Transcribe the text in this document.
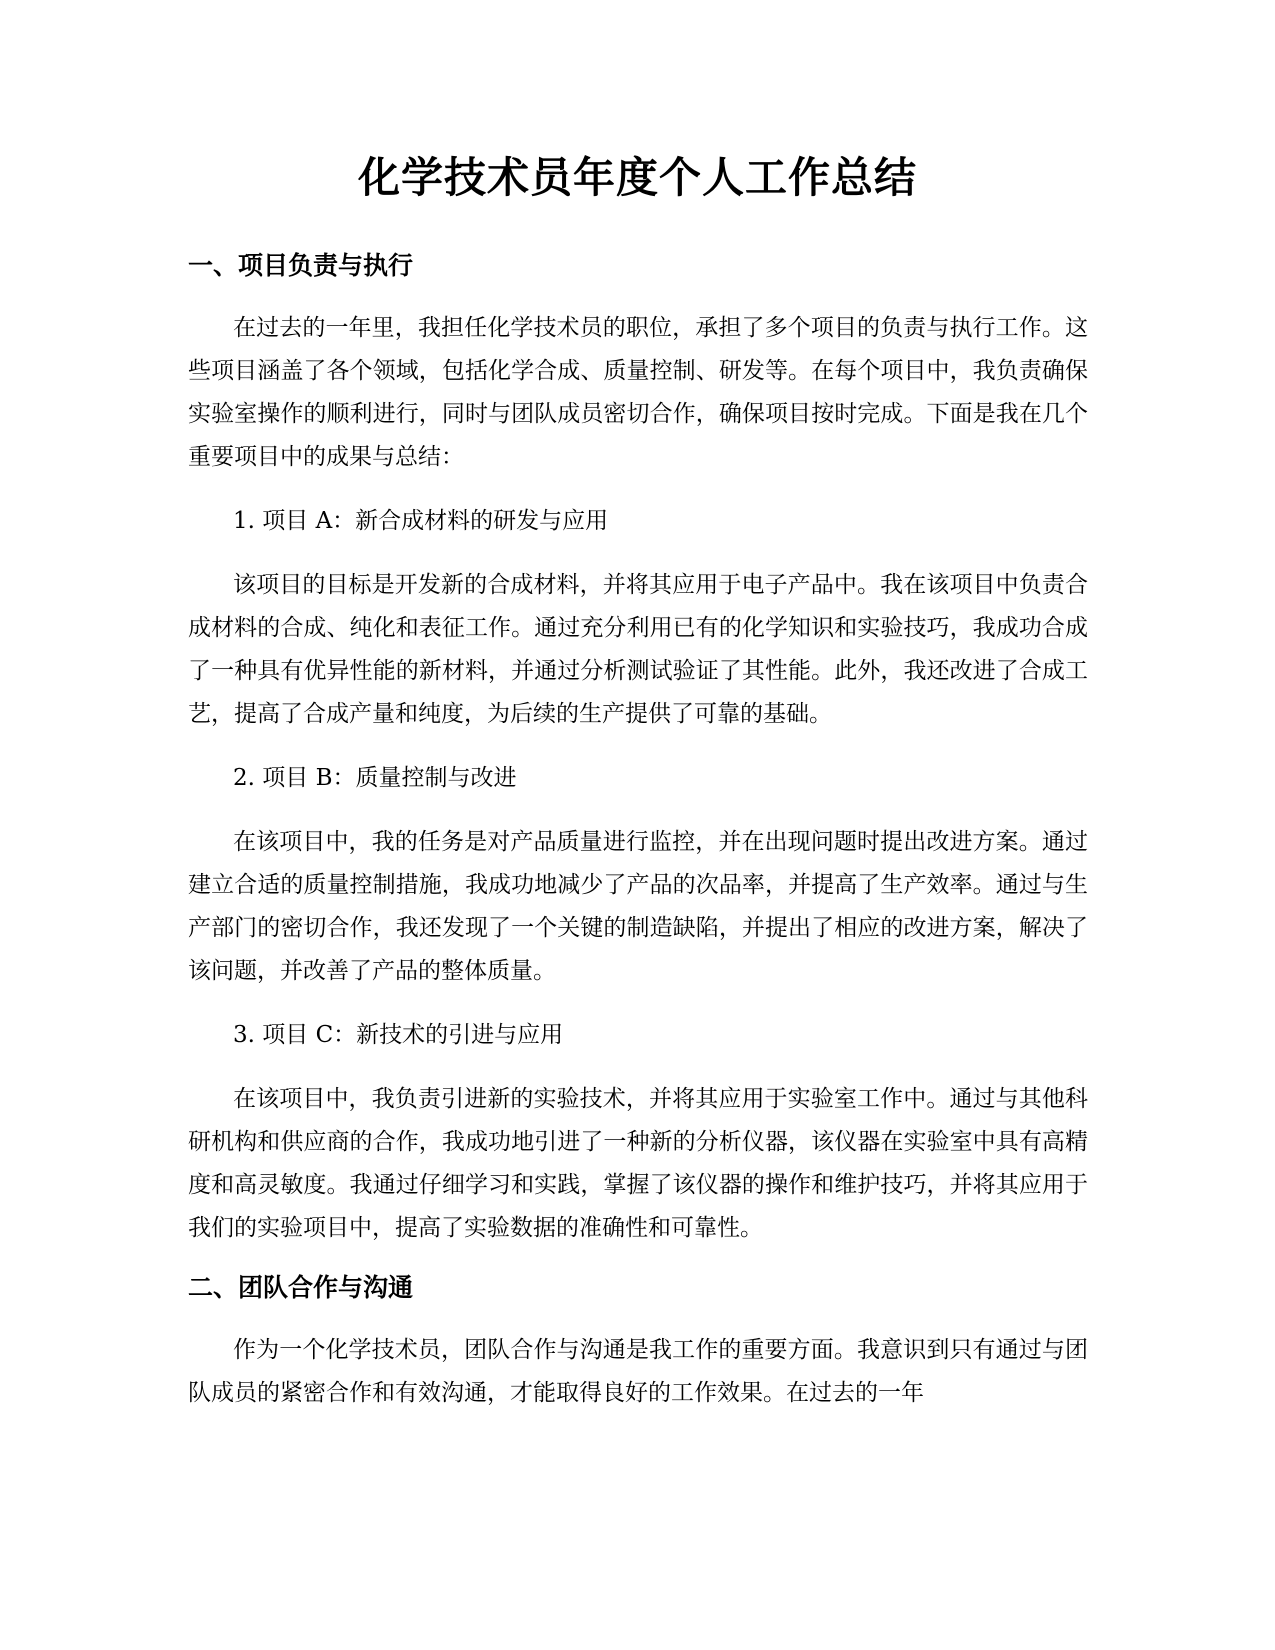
化学技术员年度个人工作总结
一、项目负责与执行

在过去的一年里，我担任化学技术员的职位，承担了多个项目的负责与执行工作。这些项目涵盖了各个领域，包括化学合成、质量控制、研发等。在每个项目中，我负责确保实验室操作的顺利进行，同时与团队成员密切合作，确保项目按时完成。下面是我在几个重要项目中的成果与总结：

1. 项目 A：新合成材料的研发与应用

该项目的目标是开发新的合成材料，并将其应用于电子产品中。我在该项目中负责合成材料的合成、纯化和表征工作。通过充分利用已有的化学知识和实验技巧，我成功合成了一种具有优异性能的新材料，并通过分析测试验证了其性能。此外，我还改进了合成工艺，提高了合成产量和纯度，为后续的生产提供了可靠的基础。

2. 项目 B：质量控制与改进

在该项目中，我的任务是对产品质量进行监控，并在出现问题时提出改进方案。通过建立合适的质量控制措施，我成功地减少了产品的次品率，并提高了生产效率。通过与生产部门的密切合作，我还发现了一个关键的制造缺陷，并提出了相应的改进方案，解决了该问题，并改善了产品的整体质量。

3. 项目 C：新技术的引进与应用

在该项目中，我负责引进新的实验技术，并将其应用于实验室工作中。通过与其他科研机构和供应商的合作，我成功地引进了一种新的分析仪器，该仪器在实验室中具有高精度和高灵敏度。我通过仔细学习和实践，掌握了该仪器的操作和维护技巧，并将其应用于我们的实验项目中，提高了实验数据的准确性和可靠性。

二、团队合作与沟通

作为一个化学技术员，团队合作与沟通是我工作的重要方面。我意识到只有通过与团队成员的紧密合作和有效沟通，才能取得良好的工作效果。在过去的一年
